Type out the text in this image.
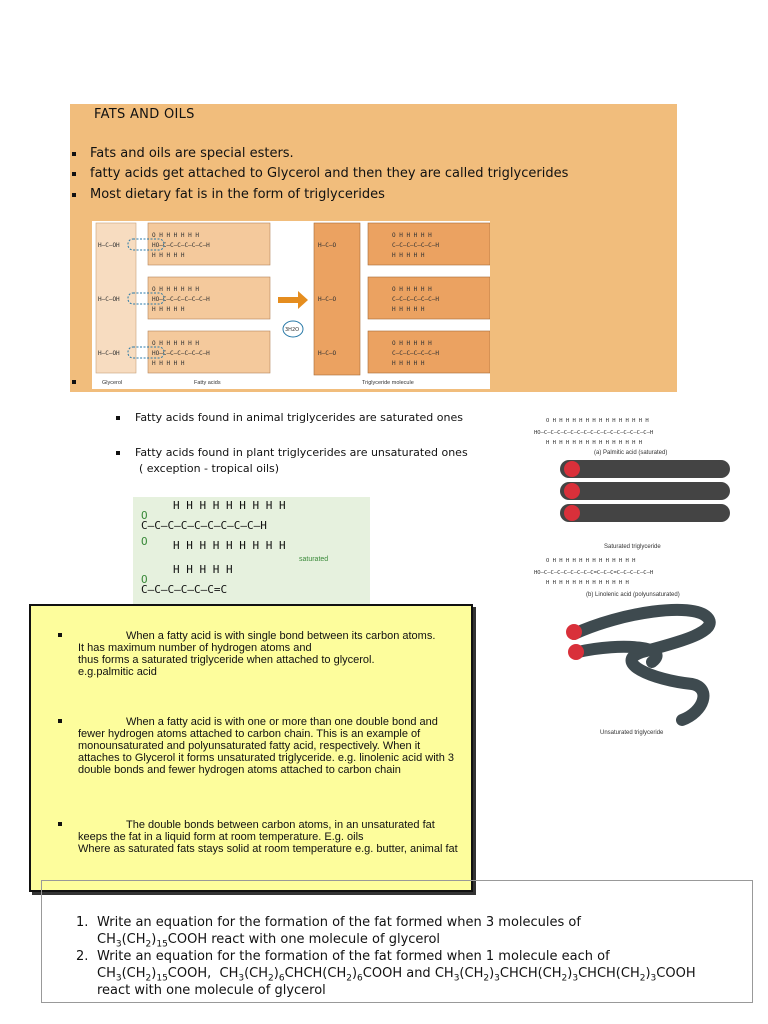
FATS AND OILS
Fats and oils are special esters.
fatty acids get attached to Glycerol and then they are called triglycerides
Most dietary fat is in the form of triglycerides
H—C—OH
H—C—OH
H—C—OH
O H H H H H H
HO—C—C—C—C—C—C—H
H H H H H
O H H H H H H
HO—C—C—C—C—C—C—H
H H H H H
O H H H H H H
HO—C—C—C—C—C—C—H
H H H H H
3H2O
H—C—O
H—C—O
H—C—O
O H H H H H
C—C—C—C—C—C—H
H H H H H
O H H H H H
C—C—C—C—C—C—H
H H H H H
O H H H H H
C—C—C—C—C—C—H
H H H H H
Glycerol	Fatty acids	Triglyceride molecule
Fatty acids found in animal triglycerides are saturated ones
Fatty acids found in plant triglycerides are unsaturated ones
( exception - tropical oils)
H H H H H H H H H
C—C—C—C—C—C—C—C—C—H
H H H H H H H H H
H H H H H
C—C—C—C—C—C=C
O
O
O
saturated
O H H H H H H H H H H H H H H H
HO—C—C—C—C—C—C—C—C—C—C—C—C—C—C—C—C—H
H H H H H H H H H H H H H H H
(a) Palmitic acid (saturated)
Saturated triglyceride
O H H H H H H H H H H H H H
HO—C—C—C—C—C—C—C—C=C—C—C=C—C—C—C—C—H
H H H H H H H H H H H H H
(b) Linolenic acid (polyunsaturated)
Unsaturated triglyceride
When a fatty acid is with single bond between its carbon atoms.
It has maximum number of hydrogen atoms and
thus forms a saturated triglyceride when attached to glycerol.
e.g.palmitic acid
When a fatty acid is with one or more than one double bond and fewer hydrogen atoms attached to carbon chain. This is an example of monounsaturated and polyunsaturated fatty acid, respectively. When it attaches to Glycerol it forms unsaturated triglyceride. e.g. linolenic acid with 3 double bonds and fewer hydrogen atoms attached to carbon chain
The double bonds between carbon atoms, in an unsaturated fat keeps the fat in a liquid form at room temperature. E.g. oils
Where as saturated fats stays solid at room temperature e.g. butter, animal fat
1. Write an equation for the formation of the fat formed when 3 molecules of
$CH_3(CH_2)_{15}COOH$ react with one molecule of glycerol
2. Write an equation for the formation of the fat formed when 1 molecule each of
$CH_3(CH_2)_{15}COOH$,  $CH_3(CH_2)_6CHCH(CH_2)_6COOH$ and $CH_3(CH_2)_3CHCH(CH_2)_3CHCH(CH_2)_3COOH$
react with one molecule of glycerol
